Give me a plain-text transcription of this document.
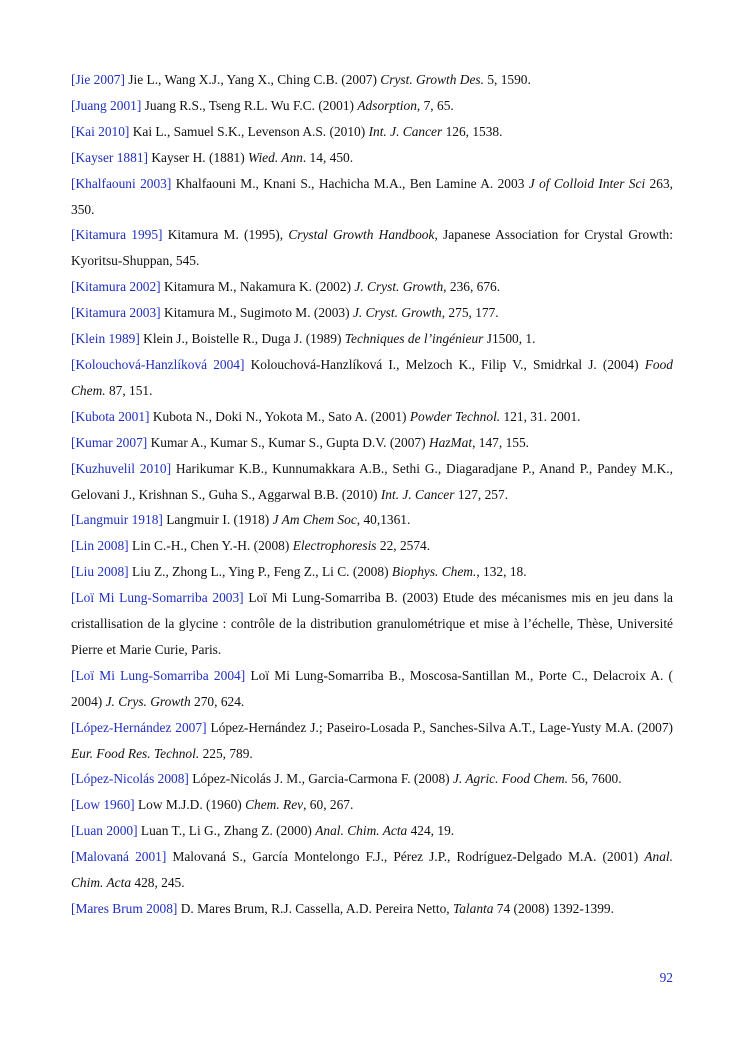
[Jie 2007] Jie L., Wang X.J., Yang X., Ching C.B. (2007) Cryst. Growth Des. 5, 1590.

[Juang 2001] Juang R.S., Tseng R.L. Wu F.C. (2001) Adsorption, 7, 65.

[Kai 2010] Kai L., Samuel S.K., Levenson A.S. (2010) Int. J. Cancer 126, 1538.

[Kayser 1881] Kayser H. (1881) Wied. Ann. 14, 450.

[Khalfaouni 2003] Khalfaouni M., Knani S., Hachicha M.A., Ben Lamine A. 2003 J of Colloid Inter Sci 263, 350.

[Kitamura 1995] Kitamura M. (1995), Crystal Growth Handbook, Japanese Association for Crystal Growth: Kyoritsu-Shuppan, 545.

[Kitamura 2002] Kitamura M., Nakamura K. (2002) J. Cryst. Growth, 236, 676.

[Kitamura 2003] Kitamura M., Sugimoto M. (2003) J. Cryst. Growth, 275, 177.

[Klein 1989] Klein J., Boistelle R., Duga J. (1989) Techniques de l’ingénieur J1500, 1.

[Kolouchová-Hanzlíková 2004] Kolouchová-Hanzlíková I., Melzoch K., Filip V., Smidrkal J. (2004) Food Chem. 87, 151.

[Kubota 2001] Kubota N., Doki N., Yokota M., Sato A. (2001) Powder Technol. 121, 31. 2001.

[Kumar 2007] Kumar A., Kumar S., Kumar S., Gupta D.V. (2007) HazMat, 147, 155.

[Kuzhuvelil 2010] Harikumar K.B., Kunnumakkara A.B., Sethi G., Diagaradjane P., Anand P., Pandey M.K., Gelovani J., Krishnan S., Guha S., Aggarwal B.B. (2010) Int. J. Cancer 127, 257.

[Langmuir 1918] Langmuir I. (1918) J Am Chem Soc, 40,1361.

[Lin 2008] Lin C.-H., Chen Y.-H. (2008) Electrophoresis 22, 2574.

[Liu 2008] Liu Z., Zhong L., Ying P., Feng Z., Li C. (2008) Biophys. Chem., 132, 18.

[Loï Mi Lung-Somarriba 2003] Loï Mi Lung-Somarriba B. (2003) Etude des mécanismes mis en jeu dans la cristallisation de la glycine : contrôle de la distribution granulométrique et mise à l’échelle, Thèse, Université Pierre et Marie Curie, Paris.

[Loï Mi Lung-Somarriba 2004] Loï Mi Lung-Somarriba B., Moscosa-Santillan M., Porte C., Delacroix A. ( 2004) J. Crys. Growth 270, 624.

[López-Hernández 2007] López-Hernández J.; Paseiro-Losada P., Sanches-Silva A.T., Lage-Yusty M.A. (2007) Eur. Food Res. Technol. 225, 789.

[López-Nicolás 2008] López-Nicolás J. M., Garcia-Carmona F. (2008) J. Agric. Food Chem. 56, 7600.

[Low 1960] Low M.J.D. (1960) Chem. Rev, 60, 267.

[Luan 2000] Luan T., Li G., Zhang Z. (2000) Anal. Chim. Acta 424, 19.

[Malovaná 2001] Malovaná S., García Montelongo F.J., Pérez J.P., Rodríguez-Delgado M.A. (2001) Anal. Chim. Acta 428, 245.

[Mares Brum 2008] D. Mares Brum, R.J. Cassella, A.D. Pereira Netto, Talanta 74 (2008) 1392-1399.

92
